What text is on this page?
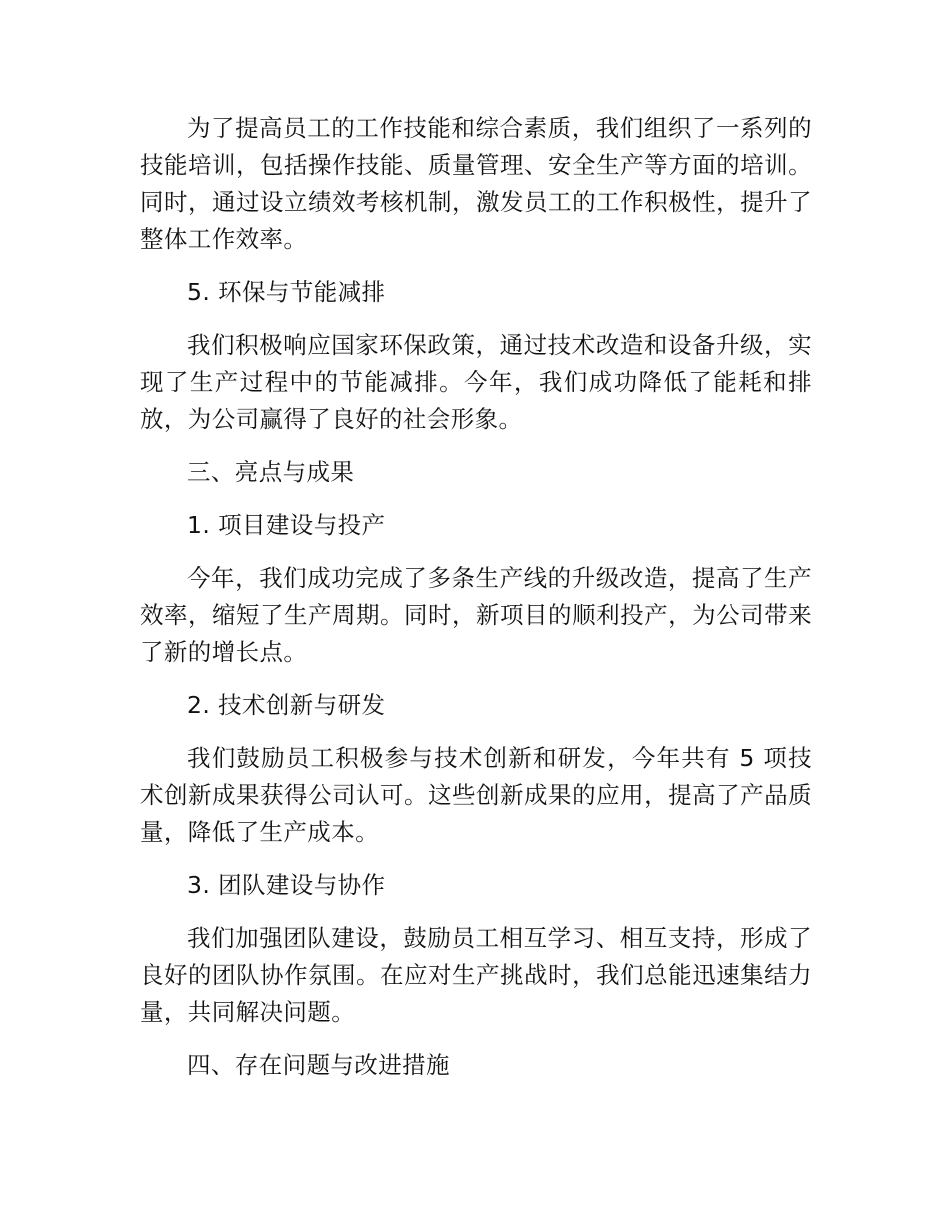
为了提高员工的工作技能和综合素质，我们组织了一系列的技能培训，包括操作技能、质量管理、安全生产等方面的培训。同时，通过设立绩效考核机制，激发员工的工作积极性，提升了整体工作效率。

5. 环保与节能减排

我们积极响应国家环保政策，通过技术改造和设备升级，实现了生产过程中的节能减排。今年，我们成功降低了能耗和排放，为公司赢得了良好的社会形象。

三、亮点与成果

1. 项目建设与投产

今年，我们成功完成了多条生产线的升级改造，提高了生产效率，缩短了生产周期。同时，新项目的顺利投产，为公司带来了新的增长点。

2. 技术创新与研发

我们鼓励员工积极参与技术创新和研发，今年共有 5 项技术创新成果获得公司认可。这些创新成果的应用，提高了产品质量，降低了生产成本。

3. 团队建设与协作

我们加强团队建设，鼓励员工相互学习、相互支持，形成了良好的团队协作氛围。在应对生产挑战时，我们总能迅速集结力量，共同解决问题。

四、存在问题与改进措施
